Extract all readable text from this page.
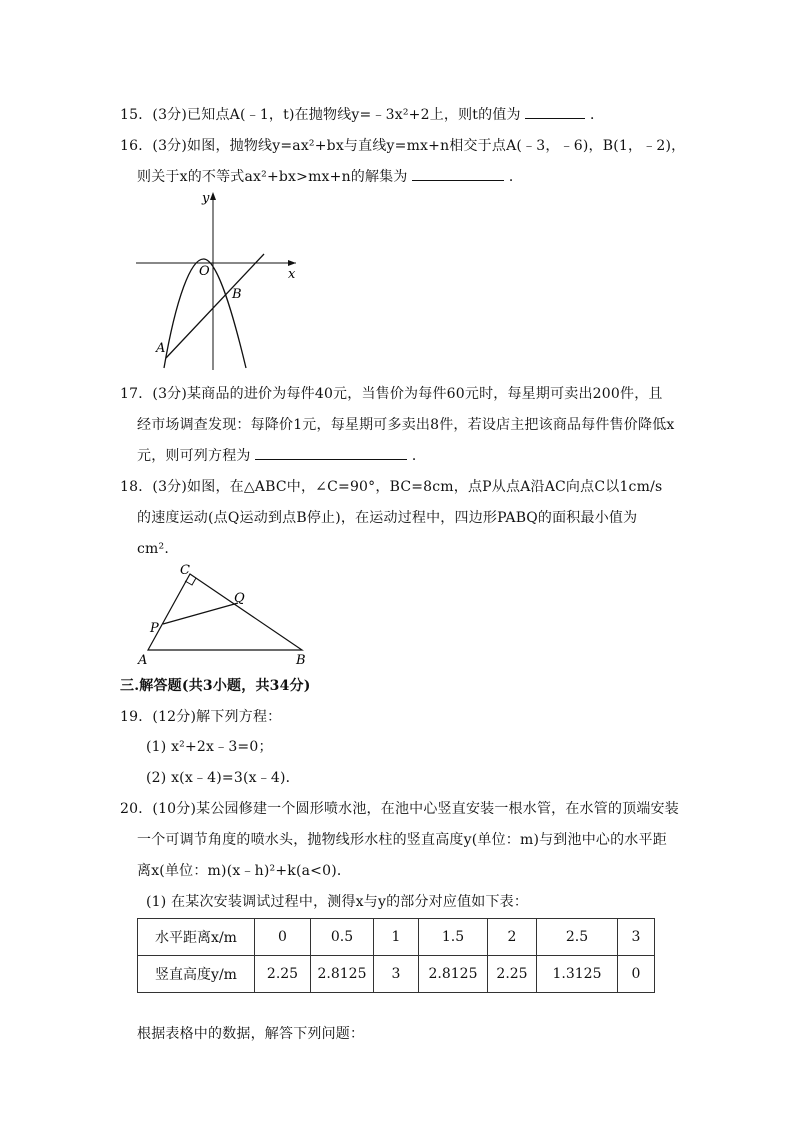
15．(3分)已知点A(﹣1，t)在抛物线y=﹣3x²+2上，则t的值为	．
16．(3分)如图，抛物线y=ax²+bx与直线y=mx+n相交于点A(﹣3，﹣6)，B(1，﹣2)，
则关于x的不等式ax²+bx>mx+n的解集为	．
x
y
O
B
A
17．(3分)某商品的进价为每件40元，当售价为每件60元时，每星期可卖出200件，且
经市场调查发现：每降价1元，每星期可多卖出8件，若设店主把该商品每件售价降低x
元，则可列方程为	．
18．(3分)如图，在△ABC中，∠C=90°，BC=8cm，点P从点A沿AC向点C以1cm/s
的速度运动(点Q运动到点B停止)，在运动过程中，四边形PABQ的面积最小值为
cm².
C
Q
P
A	B
三.解答题(共3小题，共34分)
19．(12分)解下列方程：
(1) x²+2x﹣3=0；
(2) x(x﹣4)=3(x﹣4)．
20．(10分)某公园修建一个圆形喷水池，在池中心竖直安装一根水管，在水管的顶端安装
一个可调节角度的喷水头，抛物线形水柱的竖直高度y(单位：m)与到池中心的水平距
离x(单位：m)(x﹣h)²+k(a<0)．
(1) 在某次安装调试过程中，测得x与y的部分对应值如下表：
水平距离x/m	0	0.5	1	1.5	2	2.5	3
竖直高度y/m	2.25	2.8125	3	2.8125	2.25	1.3125	0
根据表格中的数据，解答下列问题：
